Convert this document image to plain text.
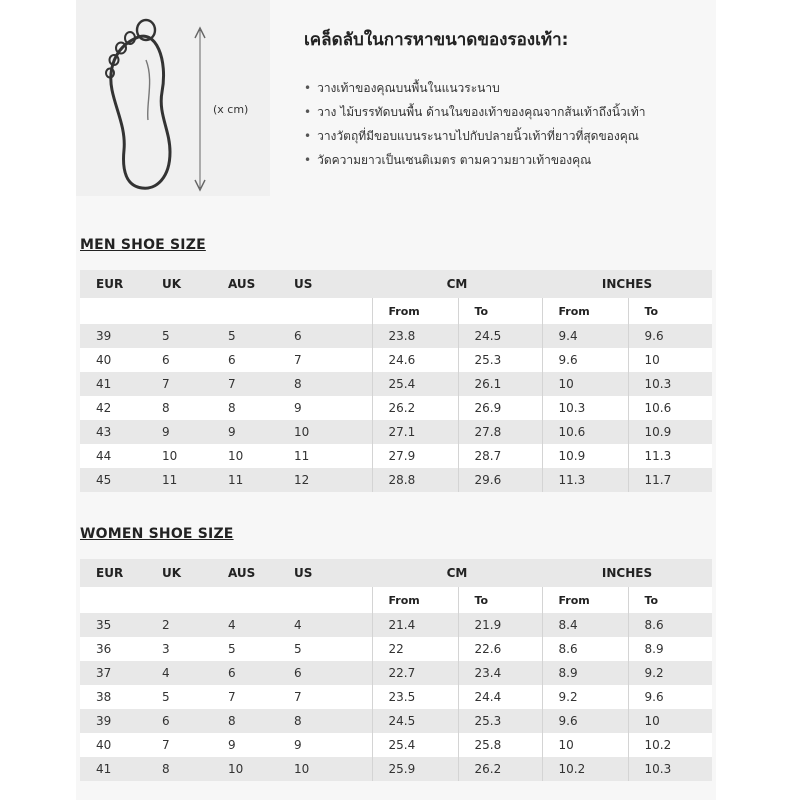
(x cm)
เคล็ดลับในการหาขนาดของรองเท้า:
• วางเท้าของคุณบนพื้นในแนวระนาบ
• วาง ไม้บรรทัดบนพื้น ด้านในของเท้าของคุณจากส้นเท้าถึงนิ้วเท้า
• วางวัตถุที่มีขอบแบนระนาบไปกับปลายนิ้วเท้าที่ยาวที่สุดของคุณ
• วัดความยาวเป็นเซนติเมตร ตามความยาวเท้าของคุณ
MEN SHOE SIZE
EUR	UK	AUS	US	CM		INCHES	
				From	To	From	To
39	5	5	6	23.8	24.5	9.4	9.6
40	6	6	7	24.6	25.3	9.6	10
41	7	7	8	25.4	26.1	10	10.3
42	8	8	9	26.2	26.9	10.3	10.6
43	9	9	10	27.1	27.8	10.6	10.9
44	10	10	11	27.9	28.7	10.9	11.3
45	11	11	12	28.8	29.6	11.3	11.7
WOMEN SHOE SIZE
EUR	UK	AUS	US	CM		INCHES	
				From	To	From	To
35	2	4	4	21.4	21.9	8.4	8.6
36	3	5	5	22	22.6	8.6	8.9
37	4	6	6	22.7	23.4	8.9	9.2
38	5	7	7	23.5	24.4	9.2	9.6
39	6	8	8	24.5	25.3	9.6	10
40	7	9	9	25.4	25.8	10	10.2
41	8	10	10	25.9	26.2	10.2	10.3
